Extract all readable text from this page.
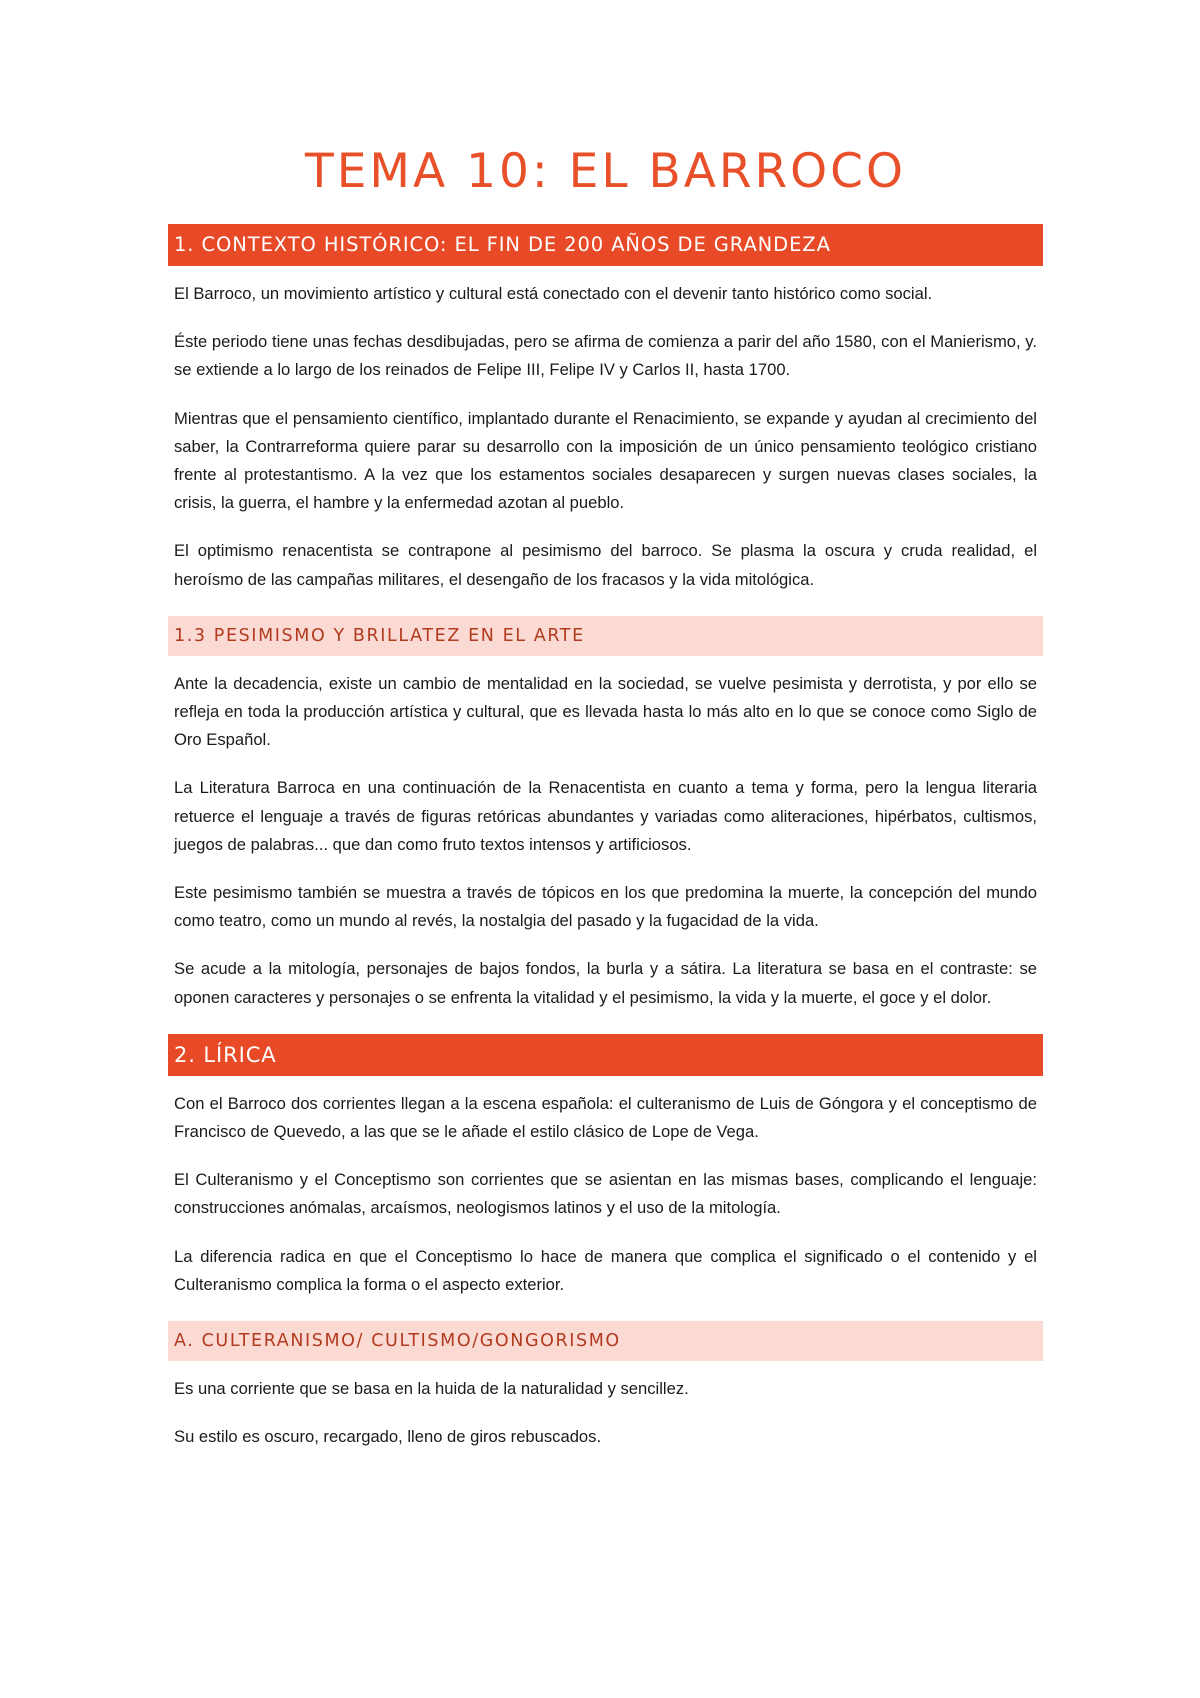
TEMA 10: EL BARROCO
1. CONTEXTO HISTÓRICO: EL FIN DE 200 AÑOS DE GRANDEZA

El Barroco, un movimiento artístico y cultural está conectado con el devenir tanto histórico como social.

Éste periodo tiene unas fechas desdibujadas, pero se afirma de comienza a parir del año 1580, con el Manierismo, y. se extiende a lo largo de los reinados de Felipe III, Felipe IV y Carlos II, hasta 1700.

Mientras que el pensamiento científico, implantado durante el Renacimiento, se expande y ayudan al crecimiento del saber, la Contrarreforma quiere parar su desarrollo con la imposición de un único pensamiento teológico cristiano frente al protestantismo. A la vez que los estamentos sociales desaparecen y surgen nuevas clases sociales, la crisis, la guerra, el hambre y la enfermedad azotan al pueblo.

El optimismo renacentista se contrapone al pesimismo del barroco. Se plasma la oscura y cruda realidad, el heroísmo de las campañas militares, el desengaño de los fracasos y la vida mitológica.

1.3 PESIMISMO Y BRILLATEZ EN EL ARTE

Ante la decadencia, existe un cambio de mentalidad en la sociedad, se vuelve pesimista y derrotista, y por ello se refleja en toda la producción artística y cultural, que es llevada hasta lo más alto en lo que se conoce como Siglo de Oro Español.

La Literatura Barroca en una continuación de la Renacentista en cuanto a tema y forma, pero la lengua literaria retuerce el lenguaje a través de figuras retóricas abundantes y variadas como aliteraciones, hipérbatos, cultismos, juegos de palabras... que dan como fruto textos intensos y artificiosos.

Este pesimismo también se muestra a través de tópicos en los que predomina la muerte, la concepción del mundo como teatro, como un mundo al revés, la nostalgia del pasado y la fugacidad de la vida.

Se acude a la mitología, personajes de bajos fondos, la burla y a sátira. La literatura se basa en el contraste: se oponen caracteres y personajes o se enfrenta la vitalidad y el pesimismo, la vida y la muerte, el goce y el dolor.

2. LÍRICA

Con el Barroco dos corrientes llegan a la escena española: el culteranismo de Luis de Góngora y el conceptismo de Francisco de Quevedo, a las que se le añade el estilo clásico de Lope de Vega.

El Culteranismo y el Conceptismo son corrientes que se asientan en las mismas bases, complicando el lenguaje: construcciones anómalas, arcaísmos, neologismos latinos y el uso de la mitología.

La diferencia radica en que el Conceptismo lo hace de manera que complica el significado o el contenido y el Culteranismo complica la forma o el aspecto exterior.

A. CULTERANISMO/ CULTISMO/GONGORISMO

Es una corriente que se basa en la huida de la naturalidad y sencillez.

Su estilo es oscuro, recargado, lleno de giros rebuscados.
